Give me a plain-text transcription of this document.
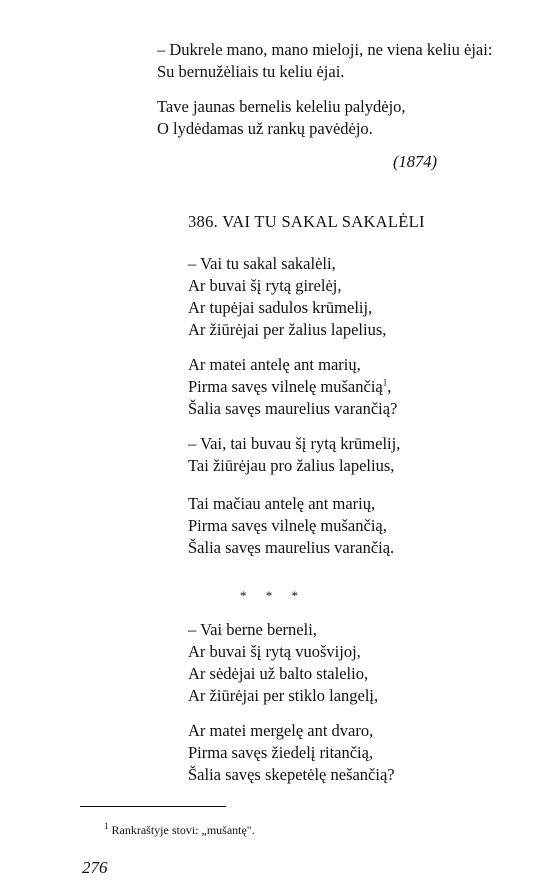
– Dukrele mano, mano mieloji, ne viena keliu ėjai:
Su bernužėliais tu keliu ėjai.
Tave jaunas bernelis keleliu palydėjo,
O lydėdamas už rankų pavėdėjo.
(1874)
386. VAI TU SAKAL SAKALĖLI
– Vai tu sakal sakalėli,
Ar buvai šį rytą girelėj,
Ar tupėjai sadulos krūmelij,
Ar žiūrėjai per žalius lapelius,
Ar matei antelę ant marių,
Pirma savęs vilnelę mušančią$^1$,
Šalia savęs maurelius varančią?
– Vai, tai buvau šį rytą krūmelij,
Tai žiūrėjau pro žalius lapelius,
Tai mačiau antelę ant marių,
Pirma savęs vilnelę mušančią,
Šalia savęs maurelius varančią.
* * *
– Vai berne berneli,
Ar buvai šį rytą vuošvijoj,
Ar sėdėjai už balto stalelio,
Ar žiūrėjai per stiklo langelį,
Ar matei mergelę ant dvaro,
Pirma savęs žiedelį ritančią,
Šalia savęs skepetėlę nešančią?
$^1$ Rankraštyje stovi: „mušantę".
276
